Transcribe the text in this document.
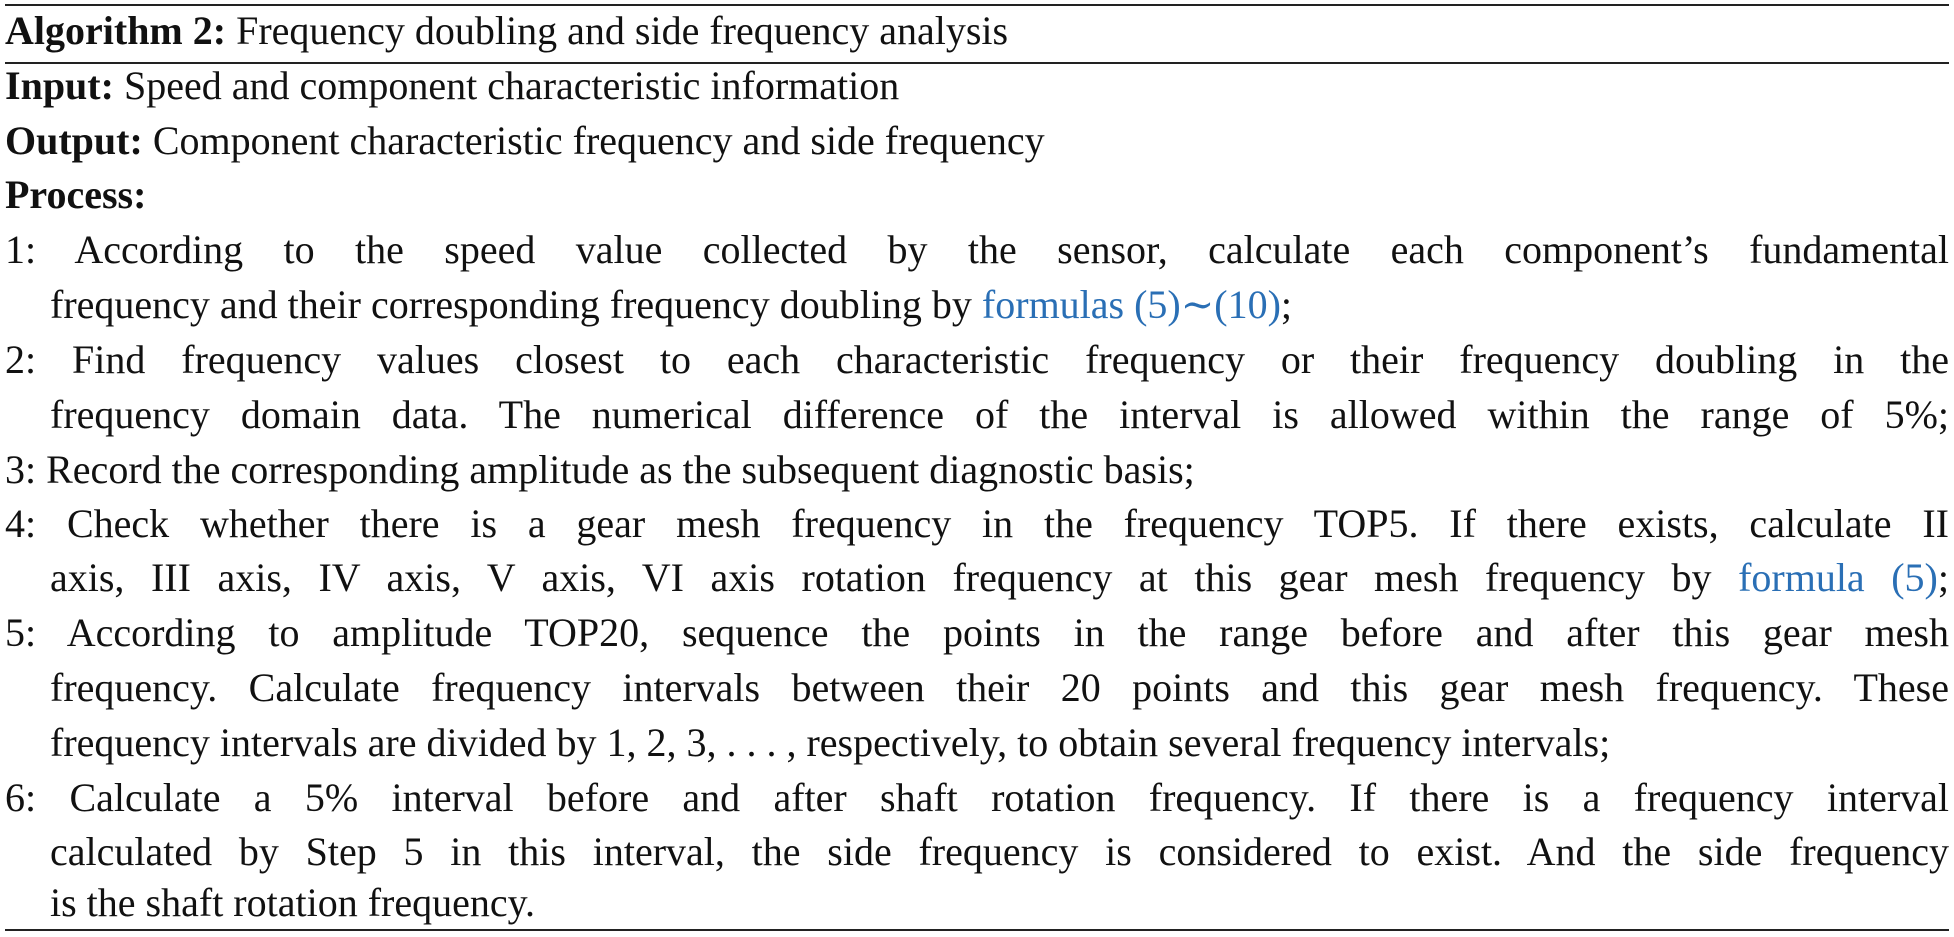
Algorithm 2: Frequency doubling and side frequency analysis
Input: Speed and component characteristic information
Output: Component characteristic frequency and side frequency
Process:
1: According to the speed value collected by the sensor, calculate each component’s fundamental
frequency and their corresponding frequency doubling by formulas (5)∼(10);
2: Find frequency values closest to each characteristic frequency or their frequency doubling in the
frequency domain data. The numerical difference of the interval is allowed within the range of 5%;
3: Record the corresponding amplitude as the subsequent diagnostic basis;
4: Check whether there is a gear mesh frequency in the frequency TOP5. If there exists, calculate II
axis, III axis, IV axis, V axis, VI axis rotation frequency at this gear mesh frequency by formula (5);
5: According to amplitude TOP20, sequence the points in the range before and after this gear mesh
frequency. Calculate frequency intervals between their 20 points and this gear mesh frequency. These
frequency intervals are divided by 1, 2, 3, . . . , respectively, to obtain several frequency intervals;
6: Calculate a 5% interval before and after shaft rotation frequency. If there is a frequency interval
calculated by Step 5 in this interval, the side frequency is considered to exist. And the side frequency
is the shaft rotation frequency.
